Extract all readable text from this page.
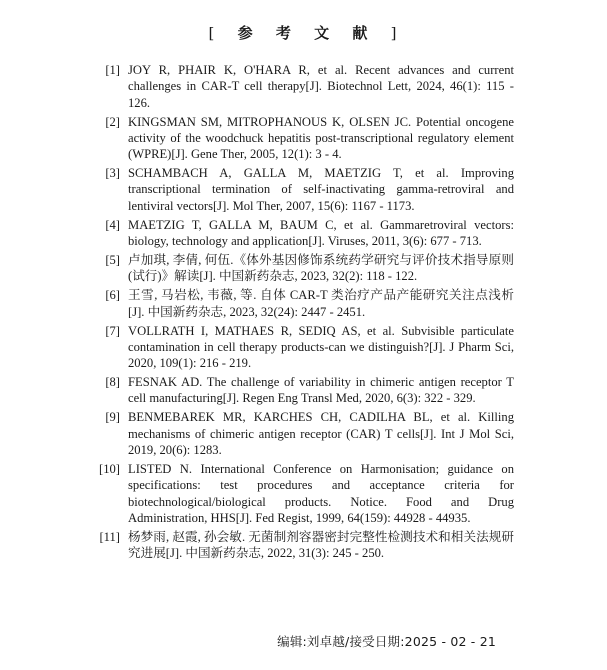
[ 参 考 文 献 ]
[1] JOY R, PHAIR K, O'HARA R, et al. Recent advances and current challenges in CAR-T cell therapy[J]. Biotechnol Lett, 2024, 46(1): 115 - 126.
[2] KINGSMAN SM, MITROPHANOUS K, OLSEN JC. Potential oncogene activity of the woodchuck hepatitis post-transcriptional regulatory element (WPRE)[J]. Gene Ther, 2005, 12(1): 3 - 4.
[3] SCHAMBACH A, GALLA M, MAETZIG T, et al. Improving transcriptional termination of self-inactivating gamma-retroviral and lentiviral vectors[J]. Mol Ther, 2007, 15(6): 1167 - 1173.
[4] MAETZIG T, GALLA M, BAUM C, et al. Gammaretroviral vectors: biology, technology and application[J]. Viruses, 2011, 3(6): 677 - 713.
[5] 卢加琪, 李倩, 何伍.《体外基因修饰系统药学研究与评价技术指导原则(试行)》解读[J]. 中国新药杂志, 2023, 32(2): 118 - 122.
[6] 王雪, 马岩松, 韦薇, 等. 自体 CAR-T 类治疗产品产能研究关注点浅析[J]. 中国新药杂志, 2023, 32(24): 2447 - 2451.
[7] VOLLRATH I, MATHAES R, SEDIQ AS, et al. Subvisible particulate contamination in cell therapy products-can we distinguish?[J]. J Pharm Sci, 2020, 109(1): 216 - 219.
[8] FESNAK AD. The challenge of variability in chimeric antigen receptor T cell manufacturing[J]. Regen Eng Transl Med, 2020, 6(3): 322 - 329.
[9] BENMEBAREK MR, KARCHES CH, CADILHA BL, et al. Killing mechanisms of chimeric antigen receptor (CAR) T cells[J]. Int J Mol Sci, 2019, 20(6): 1283.
[10] LISTED N. International Conference on Harmonisation; guidance on specifications: test procedures and acceptance criteria for biotechnological/biological products. Notice. Food and Drug Administration, HHS[J]. Fed Regist, 1999, 64(159): 44928 - 44935.
[11] 杨梦雨, 赵霞, 孙会敏. 无菌制剂容器密封完整性检测技术和相关法规研究进展[J]. 中国新药杂志, 2022, 31(3): 245 - 250.
编辑:刘卓越/接受日期:2025 - 02 - 21
